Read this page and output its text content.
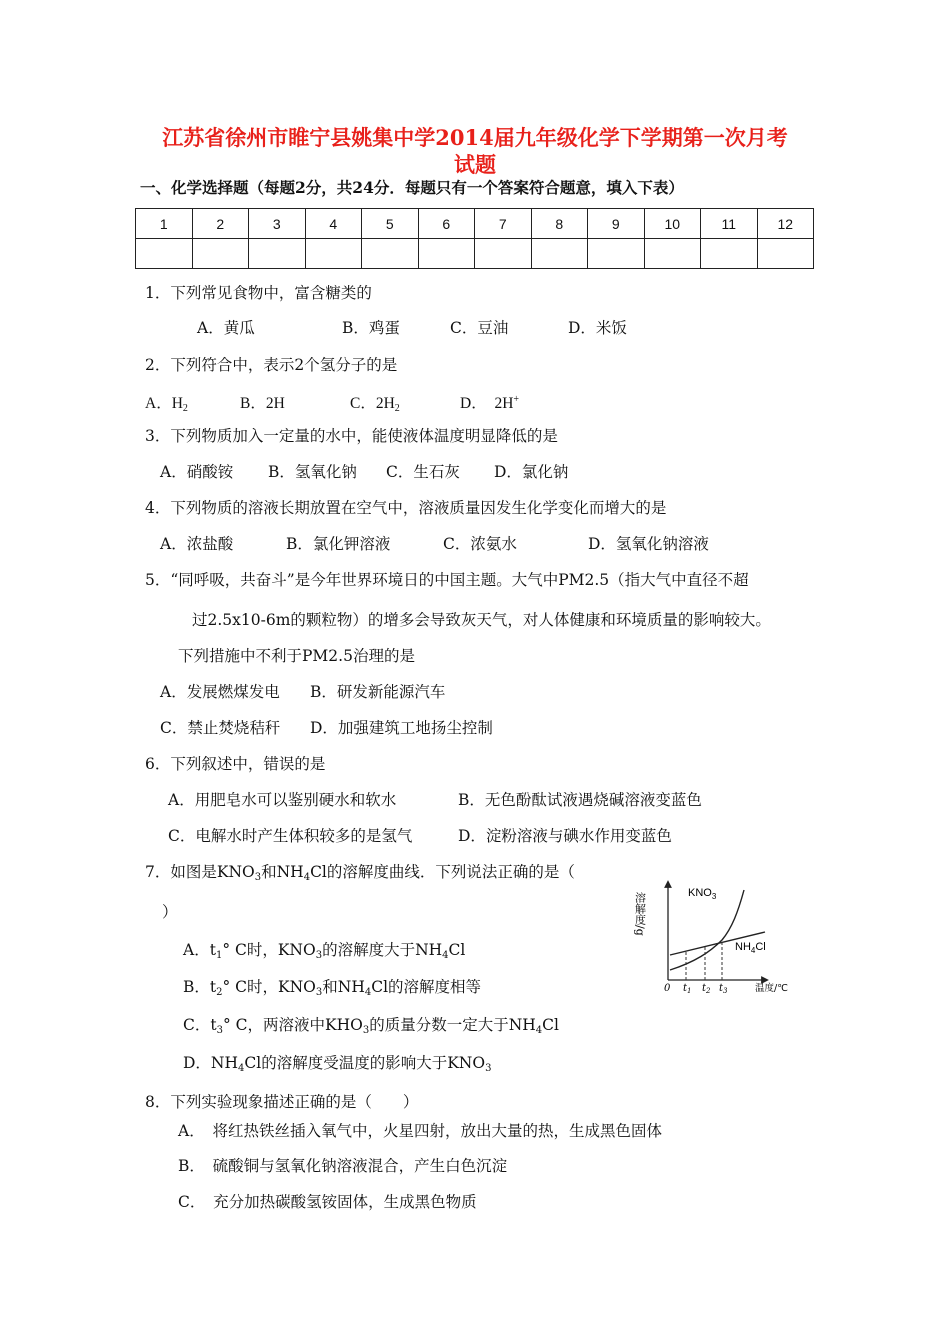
江苏省徐州市睢宁县姚集中学2014届九年级化学下学期第一次月考
试题
一、化学选择题（每题2分，共24分．每题只有一个答案符合题意，填入下表）
1	2	3	4	5	6	7	8	9	10	11	12

1．下列常见食物中，富含糖类的
A．黄瓜	B．鸡蛋	C．豆油	D．米饭
2．下列符合中，表示2个氢分子的是
A．$H_2$	B．2H	C．$2H_2$	D．  2H+
3．下列物质加入一定量的水中，能使液体温度明显降低的是
A．硝酸铵 B．氢氧化钠 C．生石灰 D．氯化钠
4．下列物质的溶液长期放置在空气中，溶液质量因发生化学变化而增大的是
A．浓盐酸	B．氯化钾溶液	C．浓氨水	D．氢氧化钠溶液
5．“同呼吸，共奋斗”是今年世界环境日的中国主题。大气中PM2.5（指大气中直径不超
过2.5x10-6m的颗粒物）的增多会导致灰天气，对人体健康和环境质量的影响较大。
下列措施中不利于PM2.5治理的是
A．发展燃煤发电 B．研发新能源汽车
C．禁止焚烧秸秆 D．加强建筑工地扬尘控制
6．下列叙述中，错误的是
A．用肥皂水可以鉴别硬水和软水	B．无色酚酞试液遇烧碱溶液变蓝色
C．电解水时产生体积较多的是氢气	D．淀粉溶液与碘水作用变蓝色
7．如图是$KNO_3$和$NH_4Cl$的溶解度曲线．下列说法正确的是（
）
A．$t_1^\circ$ C时，$KNO_3$的溶解度大于$NH_4Cl$
B．$t_2^\circ$ C时，$KNO_3$和$NH_4Cl$的溶解度相等
C．$t_3^\circ$ C，两溶液中$KHO_3$的质量分数一定大于$NH_4Cl$
D．$NH_4Cl$的溶解度受温度的影响大于$KNO_3$
溶解度/g
0 $t_1$ $t_2$ $t_3$	温度/℃
$KNO_3$
$NH_4Cl$
8．下列实验现象描述正确的是（　　）
A．　将红热铁丝插入氧气中，火星四射，放出大量的热，生成黑色固体
B．　硫酸铜与氢氧化钠溶液混合，产生白色沉淀
C．　充分加热碳酸氢铵固体，生成黑色物质
